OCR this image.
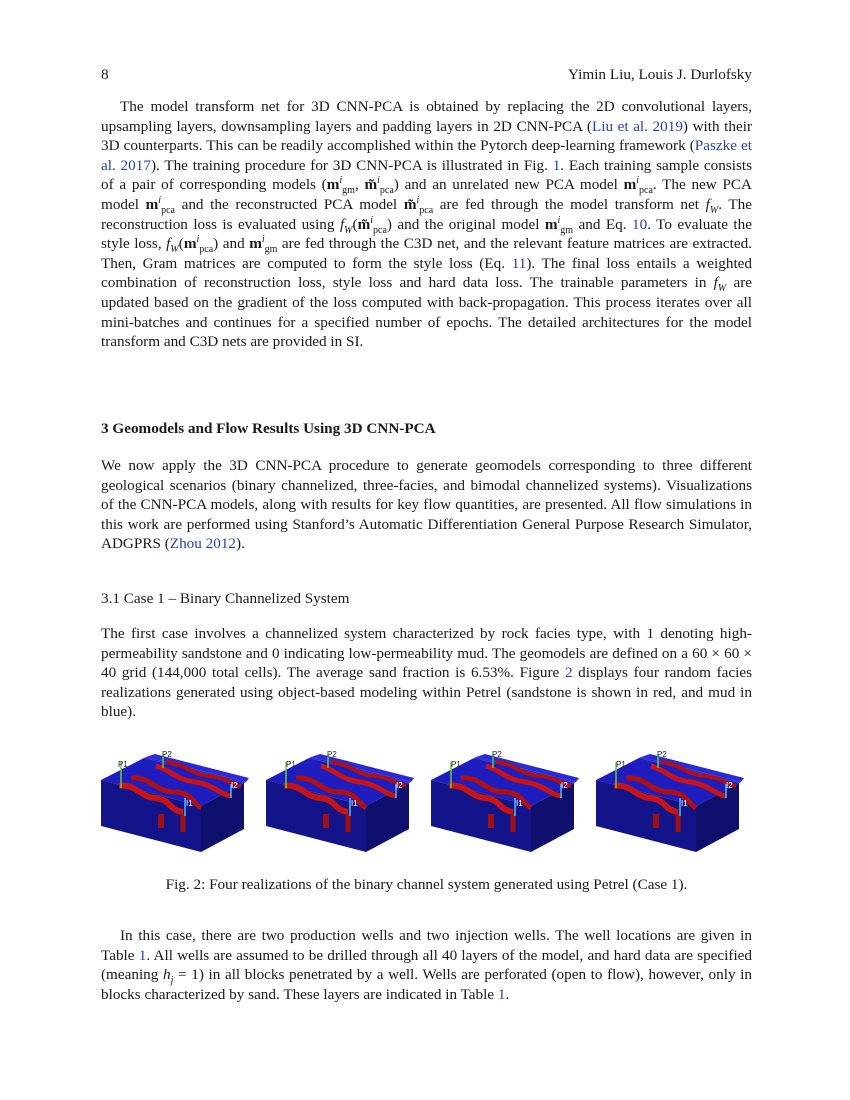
8	Yimin Liu, Louis J. Durlofsky

The model transform net for 3D CNN-PCA is obtained by replacing the 2D convolutional layers, upsampling layers, downsampling layers and padding layers in 2D CNN-PCA (Liu et al. 2019) with their 3D counterparts. This can be readily accomplished within the Pytorch deep-learning framework (Paszke et al. 2017). The training procedure for 3D CNN-PCA is illustrated in Fig. 1. Each training sample consists of a pair of corresponding models ($m^i_{gm}$, m̃$^i_{pca}$) and an unrelated new PCA model $m^i_{pca}$. The new PCA model $m^i_{pca}$ and the reconstructed PCA model m̃$^i_{pca}$ are fed through the model transform net $f_W$. The reconstruction loss is evaluated using $f_W(m̃^i_{pca})$ and the original model $m^i_{gm}$ and Eq. 10. To evaluate the style loss, $f_W(m^i_{pca})$ and $m^i_{gm}$ are fed through the C3D net, and the relevant feature matrices are extracted. Then, Gram matrices are computed to form the style loss (Eq. 11). The final loss entails a weighted combination of reconstruction loss, style loss and hard data loss. The trainable parameters in $f_W$ are updated based on the gradient of the loss computed with back-propagation. This process iterates over all mini-batches and continues for a specified number of epochs. The detailed architectures for the model transform and C3D nets are provided in SI.

3 Geomodels and Flow Results Using 3D CNN-PCA

We now apply the 3D CNN-PCA procedure to generate geomodels corresponding to three different geological scenarios (binary channelized, three-facies, and bimodal channelized systems). Visualizations of the CNN-PCA models, along with results for key flow quantities, are presented. All flow simulations in this work are performed using Stanford’s Automatic Differentiation General Purpose Research Simulator, ADGPRS (Zhou 2012).

3.1 Case 1 – Binary Channelized System

The first case involves a channelized system characterized by rock facies type, with 1 denoting high-permeability sandstone and 0 indicating low-permeability mud. The geomodels are defined on a 60 × 60 × 40 grid (144,000 total cells). The average sand fraction is 6.53%. Figure 2 displays four random facies realizations generated using object-based modeling within Petrel (sandstone is shown in red, and mud in blue).

P1
P2
I1
I2
P1
P2
I1
I2
P1
P2
I1
I2
P1
P2
I1
I2
Fig. 2: Four realizations of the binary channel system generated using Petrel (Case 1).

In this case, there are two production wells and two injection wells. The well locations are given in Table 1. All wells are assumed to be drilled through all 40 layers of the model, and hard data are specified (meaning $h_j = 1$) in all blocks penetrated by a well. Wells are perforated (open to flow), however, only in blocks characterized by sand. These layers are indicated in Table 1.
